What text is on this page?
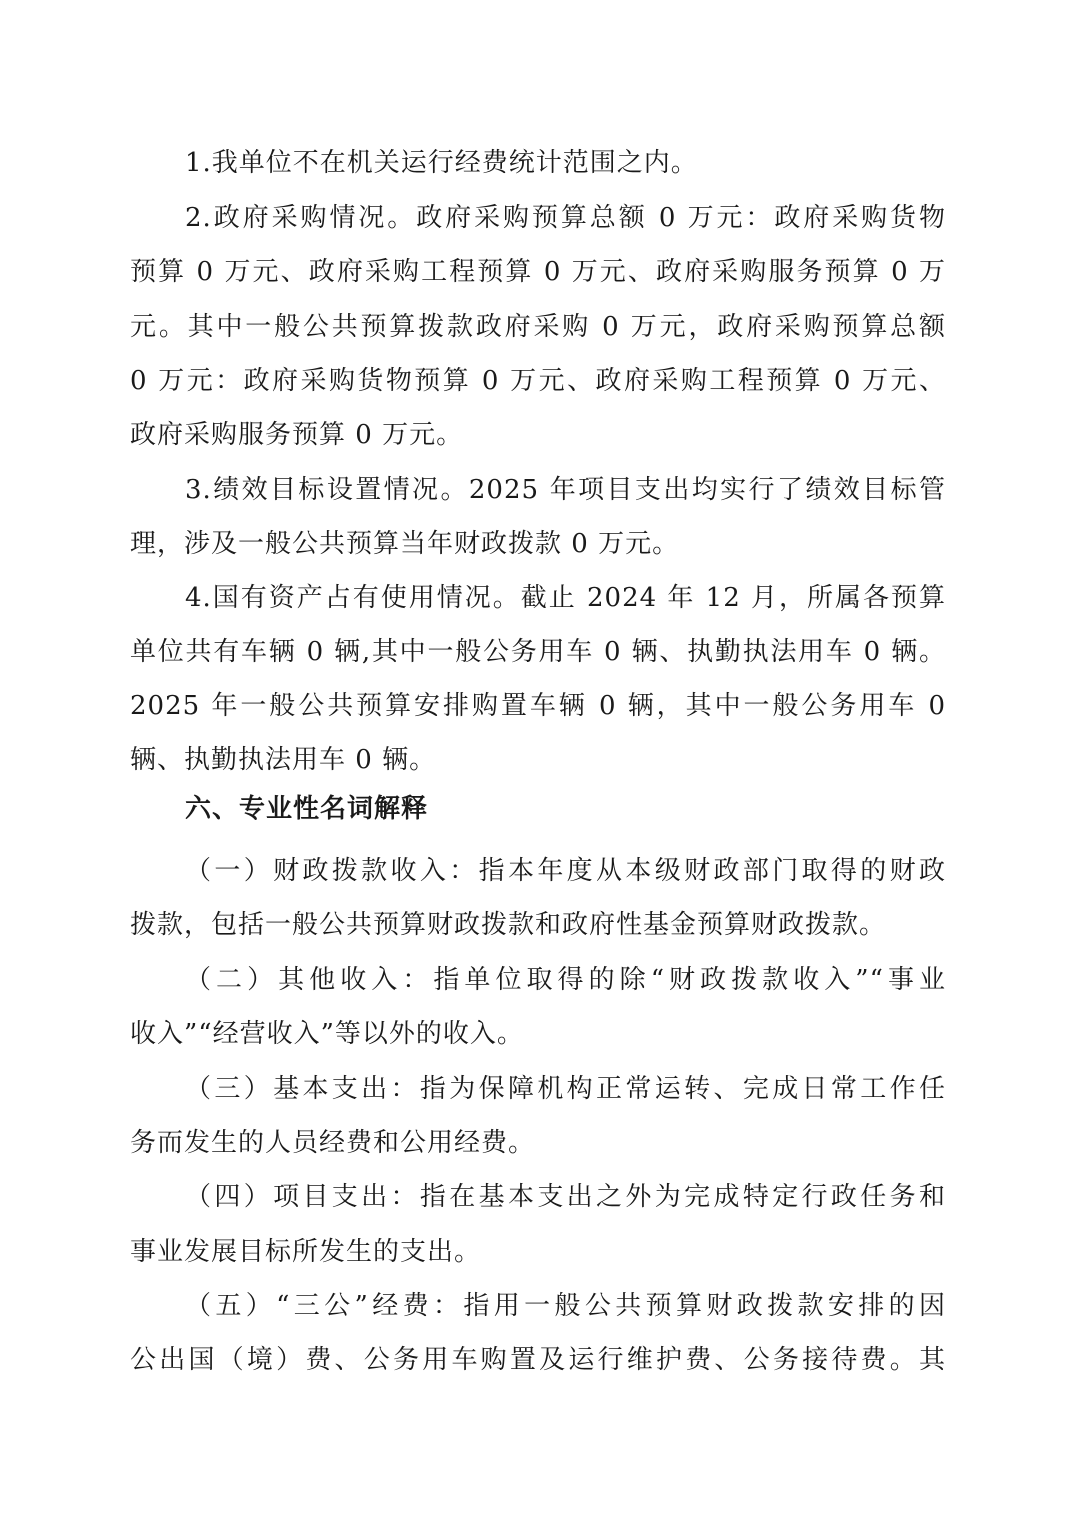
1.我单位不在机关运行经费统计范围之内。
2.政府采购情况。政府采购预算总额 0 万元：政府采购货物
预算 0 万元、政府采购工程预算 0 万元、政府采购服务预算 0 万
元。其中一般公共预算拨款政府采购 0 万元，政府采购预算总额
0 万元：政府采购货物预算 0 万元、政府采购工程预算 0 万元、
政府采购服务预算 0 万元。
3.绩效目标设置情况。2025 年项目支出均实行了绩效目标管
理，涉及一般公共预算当年财政拨款 0 万元。
4.国有资产占有使用情况。截止 2024 年 12 月，所属各预算
单位共有车辆 0 辆,其中一般公务用车 0 辆、执勤执法用车 0 辆。
2025 年一般公共预算安排购置车辆 0 辆，其中一般公务用车 0
辆、执勤执法用车 0 辆。
六、专业性名词解释
（一）财政拨款收入：指本年度从本级财政部门取得的财政
拨款，包括一般公共预算财政拨款和政府性基金预算财政拨款。
（二）其他收入：指单位取得的除“财政拨款收入”“事业
收入”“经营收入”等以外的收入。
（三）基本支出：指为保障机构正常运转、完成日常工作任
务而发生的人员经费和公用经费。
（四）项目支出：指在基本支出之外为完成特定行政任务和
事业发展目标所发生的支出。
（五）“三公”经费：指用一般公共预算财政拨款安排的因
公出国（境）费、公务用车购置及运行维护费、公务接待费。其
